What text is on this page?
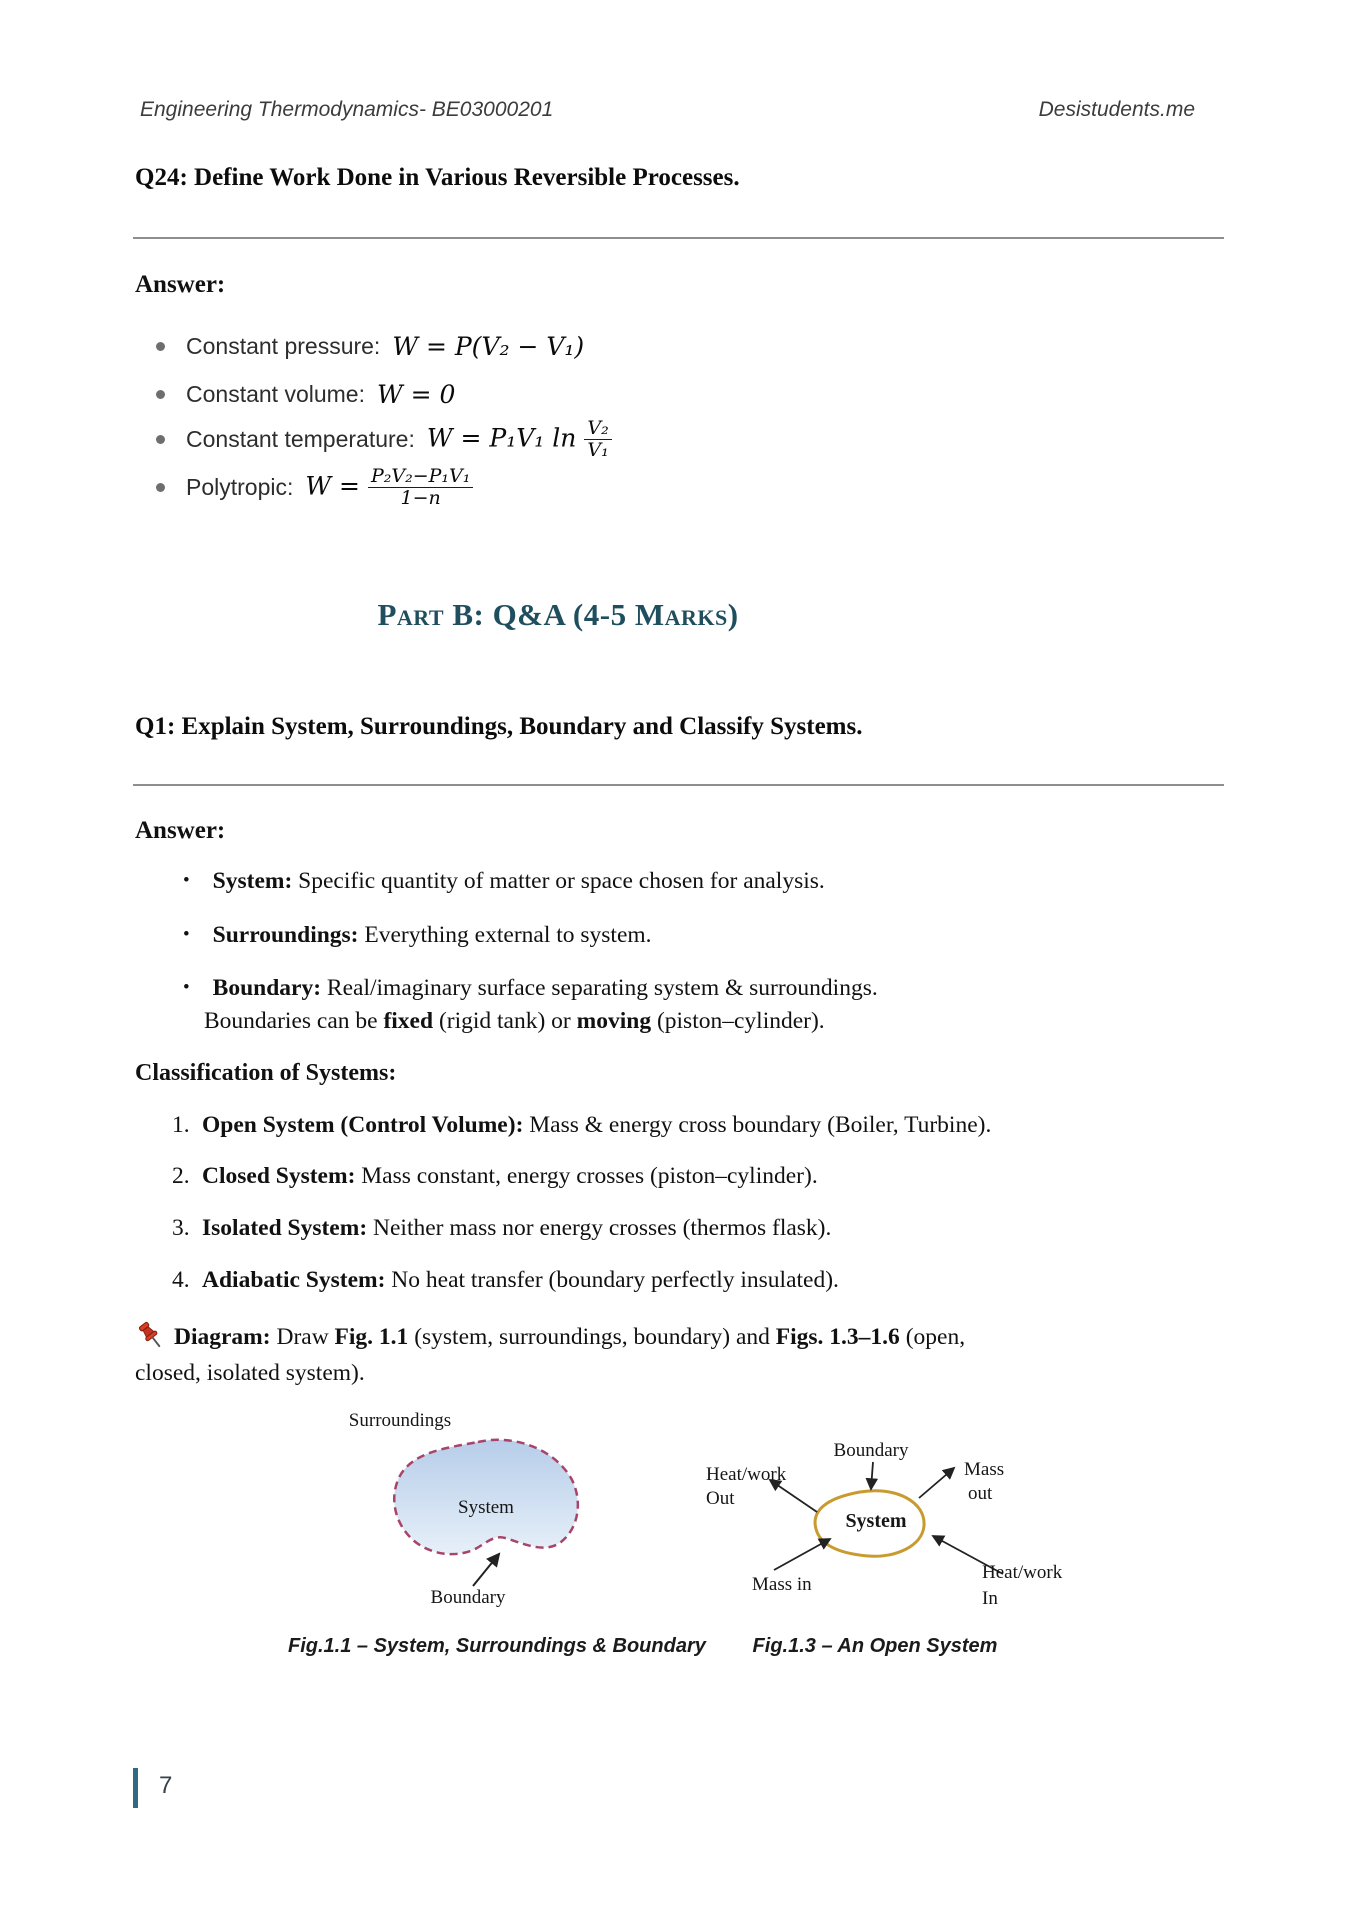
Engineering Thermodynamics- BE03000201	Desistudents.me
Q24: Define Work Done in Various Reversible Processes.
Answer:
Constant pressure: W = P(V₂ − V₁)
Constant volume: W = 0
Constant temperature: W = P₁V₁ $\ln \frac{\text{V₂}}{\text{V₁}}$
Polytropic: $W = \frac{\text{P₂V₂−P₁V₁}}{1-n}$
Part B: Q&A (4-5 Marks)
Q1: Explain System, Surroundings, Boundary and Classify Systems.
Answer:
• System: Specific quantity of matter or space chosen for analysis.
• Surroundings: Everything external to system.
• Boundary: Real/imaginary surface separating system & surroundings.
Boundaries can be fixed (rigid tank) or moving (piston–cylinder).
Classification of Systems:
1. Open System (Control Volume): Mass & energy cross boundary (Boiler, Turbine).
2. Closed System: Mass constant, energy crosses (piston–cylinder).
3. Isolated System: Neither mass nor energy crosses (thermos flask).
4. Adiabatic System: No heat transfer (boundary perfectly insulated).
Diagram: Draw Fig. 1.1 (system, surroundings, boundary) and Figs. 1.3–1.6 (open,
closed, isolated system).
Surroundings
System
Boundary
Fig.1.1 – System, Surroundings & Boundary
Boundary
Heat/work
Out
Mass
out
System
Mass in
Heat/work
In
Fig.1.3 – An Open System
7
